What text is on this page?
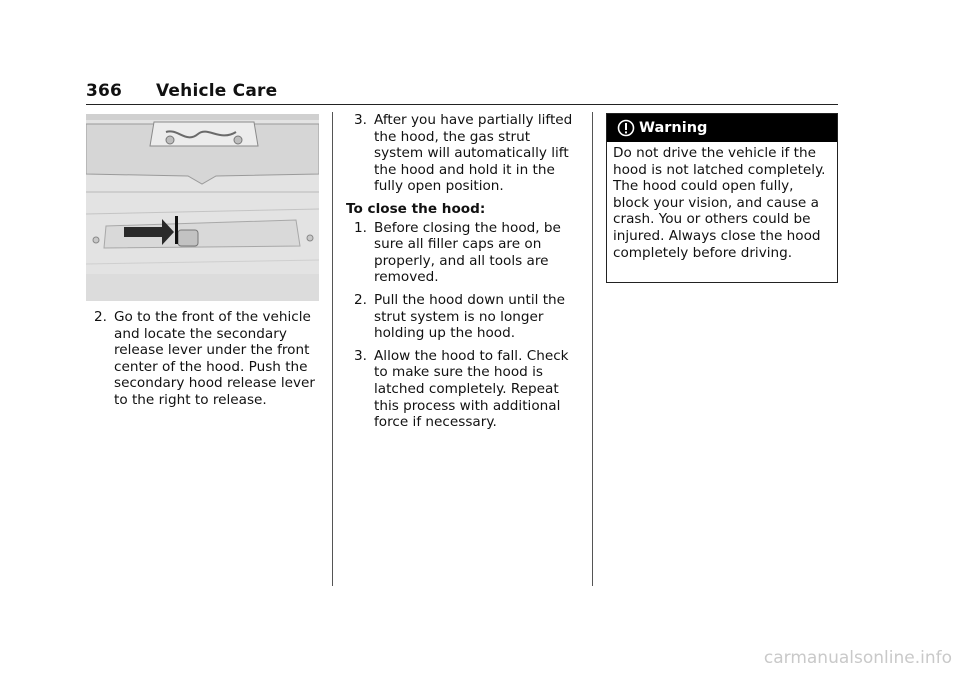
366 Vehicle Care
2. Go to the front of the vehicle and locate the secondary release lever under the front center of the hood. Push the secondary hood release lever to the right to release.
3. After you have partially lifted the hood, the gas strut system will automatically lift the hood and hold it in the fully open position.
To close the hood:
1. Before closing the hood, be sure all filler caps are on properly, and all tools are removed.
2. Pull the hood down until the strut system is no longer holding up the hood.
3. Allow the hood to fall. Check to make sure the hood is latched completely. Repeat this process with additional force if necessary.
Warning
Do not drive the vehicle if the hood is not latched completely. The hood could open fully, block your vision, and cause a crash. You or others could be injured. Always close the hood completely before driving.
carmanualsonline.info
